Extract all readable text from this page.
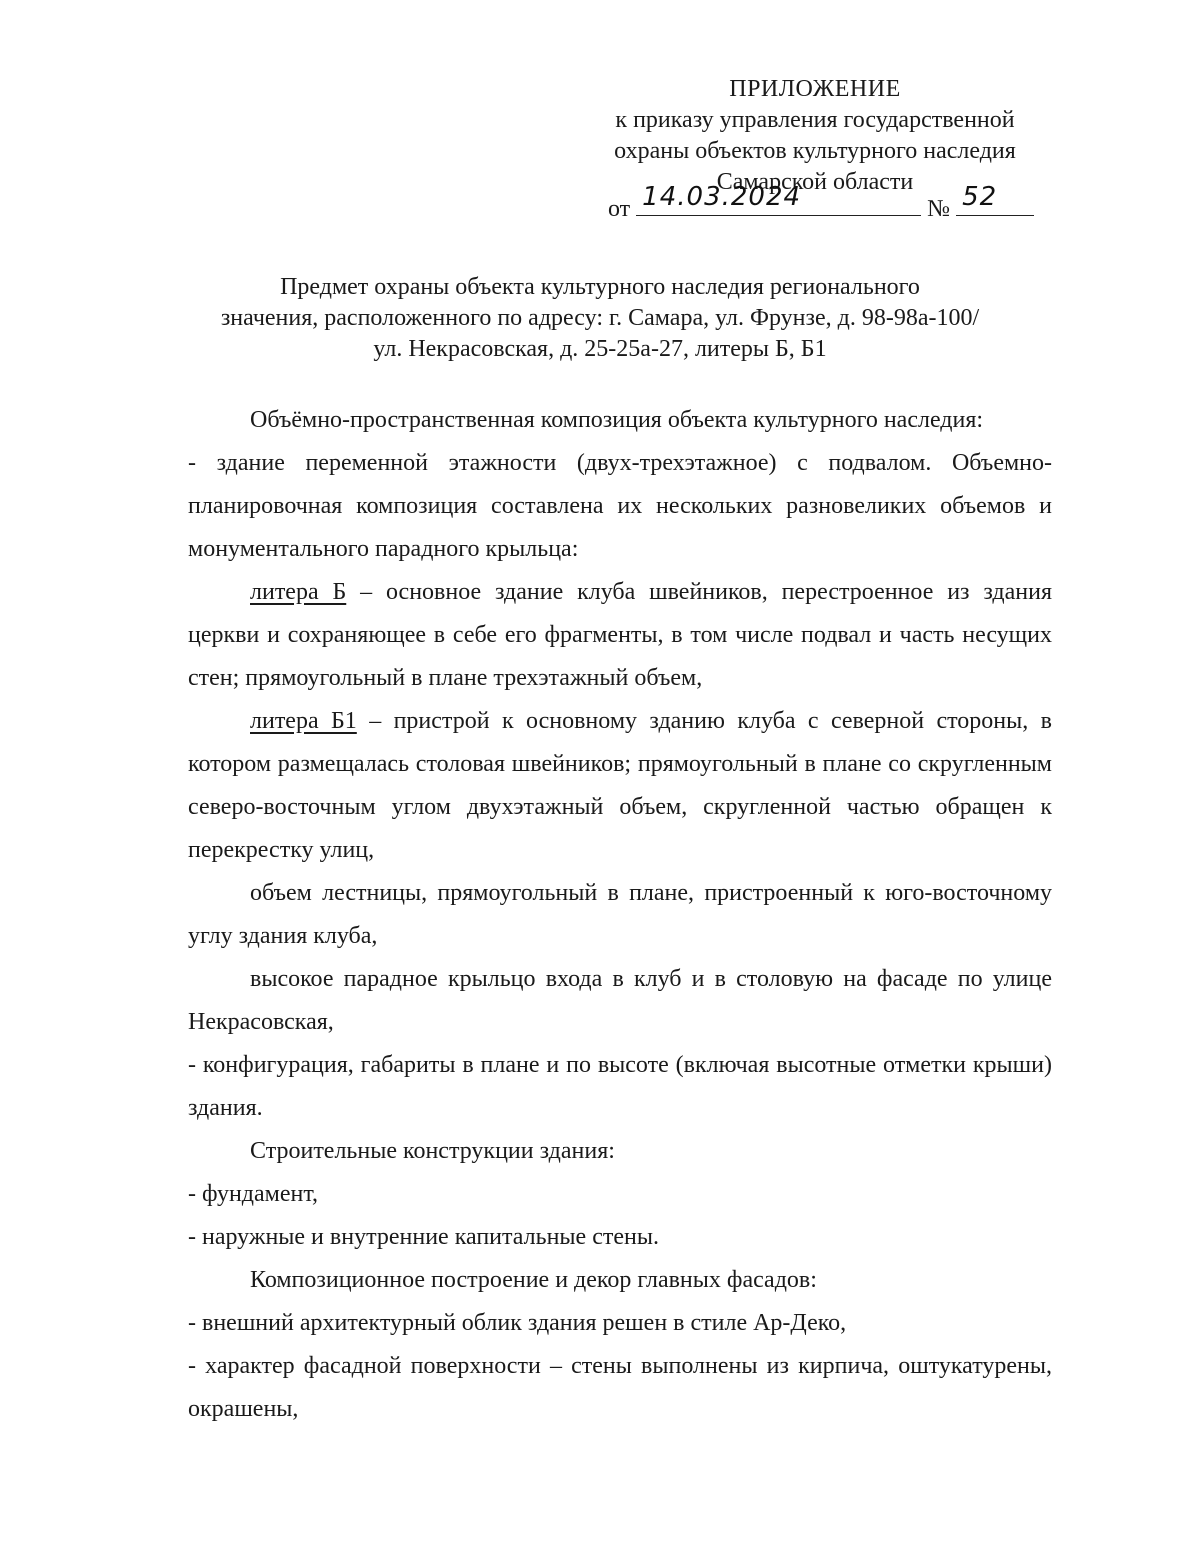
ПРИЛОЖЕНИЕ
к приказу управления государственной
охраны объектов культурного наследия
Самарской области
от 14.03.2024	№ 52
Предмет охраны объекта культурного наследия регионального
значения, расположенного по адресу: г. Самара, ул. Фрунзе, д. 98-98а-100/
ул. Некрасовская, д. 25-25а-27, литеры Б, Б1

Объёмно-пространственная композиция объекта культурного наследия:

- здание переменной этажности (двух-трехэтажное) с подвалом. Объемно-планировочная композиция составлена их нескольких разновеликих объемов и монументального парадного крыльца:

литера Б – основное здание клуба швейников, перестроенное из здания церкви и сохраняющее в себе его фрагменты, в том числе подвал и часть несущих стен; прямоугольный в плане трехэтажный объем,

литера Б1 – пристрой к основному зданию клуба с северной стороны, в котором размещалась столовая швейников; прямоугольный в плане со скругленным северо-восточным углом двухэтажный объем, скругленной частью обращен к перекрестку улиц,

объем лестницы, прямоугольный в плане, пристроенный к юго-восточному углу здания клуба,

высокое парадное крыльцо входа в клуб и в столовую на фасаде по улице Некрасовская,

- конфигурация, габариты в плане и по высоте (включая высотные отметки крыши) здания.

Строительные конструкции здания:

- фундамент,

- наружные и внутренние капитальные стены.

Композиционное построение и декор главных фасадов:

- внешний архитектурный облик здания решен в стиле Ар-Деко,

- характер фасадной поверхности – стены выполнены из кирпича, оштукатурены, окрашены,
